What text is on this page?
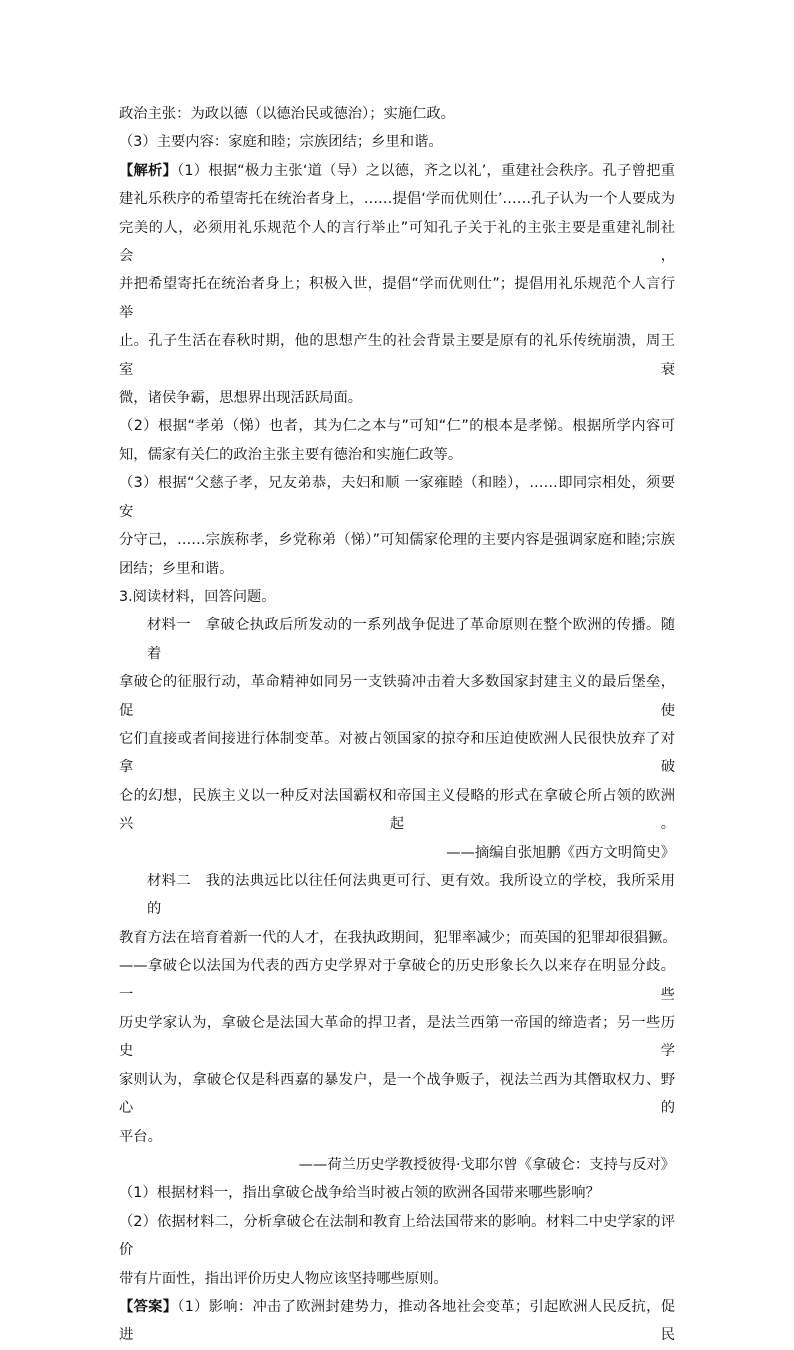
政治主张：为政以德（以德治民或德治）；实施仁政。
（3）主要内容：家庭和睦；宗族团结；乡里和谐。
【解析】（1）根据“极力主张‘道（导）之以德，齐之以礼’，重建社会秩序。孔子曾把重
建礼乐秩序的希望寄托在统治者身上，……提倡‘学而优则仕’……孔子认为一个人要成为
完美的人，必须用礼乐规范个人的言行举止”可知孔子关于礼的主张主要是重建礼制社会，
并把希望寄托在统治者身上；积极入世，提倡“学而优则仕”；提倡用礼乐规范个人言行举
止。孔子生活在春秋时期，他的思想产生的社会背景主要是原有的礼乐传统崩溃，周王室衰
微，诸侯争霸，思想界出现活跃局面。
（2）根据“孝弟（悌）也者，其为仁之本与”可知“仁”的根本是孝悌。根据所学内容可
知，儒家有关仁的政治主张主要有德治和实施仁政等。
（3）根据“父慈子孝，兄友弟恭，夫妇和顺 一家雍睦（和睦），……即同宗相处，须要安
分守己，……宗族称孝，乡党称弟（悌）”可知儒家伦理的主要内容是强调家庭和睦;宗族
团结；乡里和谐。
3.阅读材料，回答问题。
材料一　拿破仑执政后所发动的一系列战争促进了革命原则在整个欧洲的传播。随着
拿破仑的征服行动，革命精神如同另一支铁骑冲击着大多数国家封建主义的最后堡垒，促使
它们直接或者间接进行体制变革。对被占领国家的掠夺和压迫使欧洲人民很快放弃了对拿破
仑的幻想，民族主义以一种反对法国霸权和帝国主义侵略的形式在拿破仑所占领的欧洲兴起。
——摘编自张旭鹏《西方文明简史》
材料二　我的法典远比以往任何法典更可行、更有效。我所设立的学校，我所采用的
教育方法在培育着新一代的人才，在我执政期间，犯罪率减少；而英国的犯罪却很猖獗。
——拿破仑以法国为代表的西方史学界对于拿破仑的历史形象长久以来存在明显分歧。一些
历史学家认为，拿破仑是法国大革命的捍卫者，是法兰西第一帝国的缔造者；另一些历史学
家则认为，拿破仑仅是科西嘉的暴发户，是一个战争贩子，视法兰西为其僭取权力、野心的
平台。
——荷兰历史学教授彼得·戈耶尔曾《拿破仑：支持与反对》
（1）根据材料一，指出拿破仑战争给当时被占领的欧洲各国带来哪些影响？
（2）依据材料二，分析拿破仑在法制和教育上给法国带来的影响。材料二中史学家的评价
带有片面性，指出评价历史人物应该坚持哪些原则。
【答案】（1）影响：冲击了欧洲封建势力，推动各地社会变革；引起欧洲人民反抗，促进民
